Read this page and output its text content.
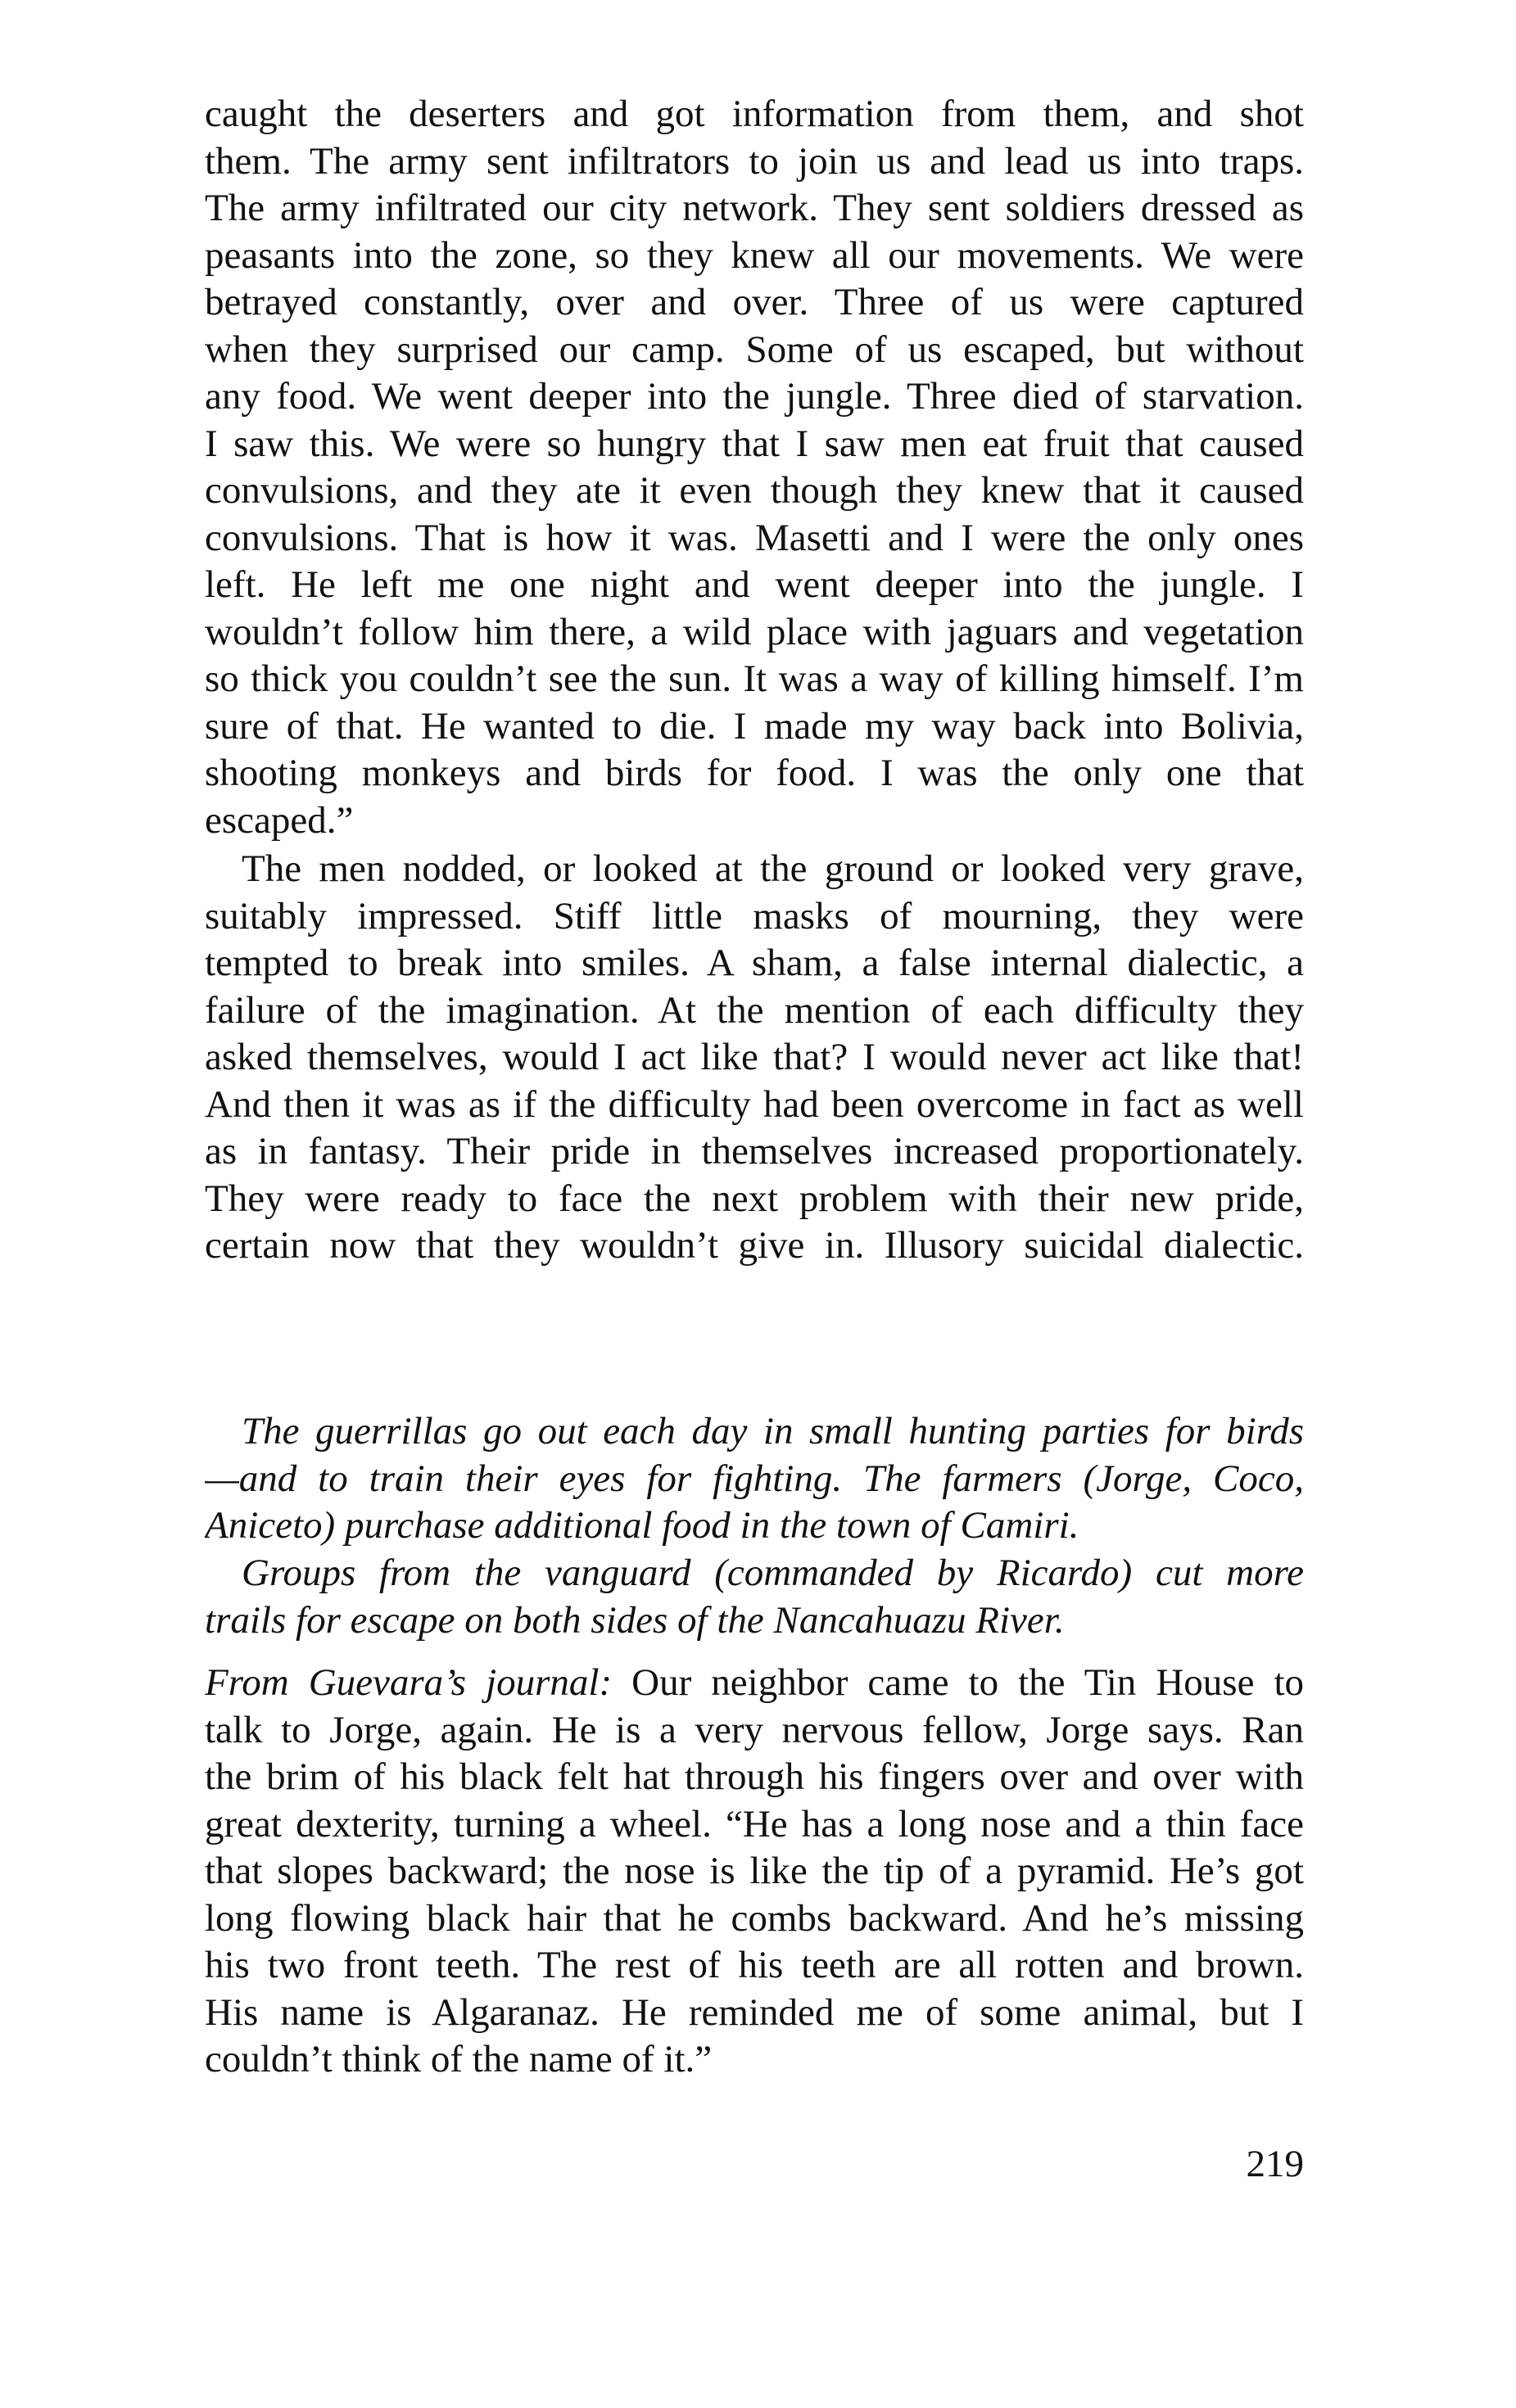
caught the deserters and got information from them, and shot
them. The army sent infiltrators to join us and lead us into traps.
The army infiltrated our city network. They sent soldiers dressed as
peasants into the zone, so they knew all our movements. We were
betrayed constantly, over and over. Three of us were captured
when they surprised our camp. Some of us escaped, but without
any food. We went deeper into the jungle. Three died of starvation.
I saw this. We were so hungry that I saw men eat fruit that caused
convulsions, and they ate it even though they knew that it caused
convulsions. That is how it was. Masetti and I were the only ones
left. He left me one night and went deeper into the jungle. I
wouldn’t follow him there, a wild place with jaguars and vegetation
so thick you couldn’t see the sun. It was a way of killing himself. I’m
sure of that. He wanted to die. I made my way back into Bolivia,
shooting monkeys and birds for food. I was the only one that
escaped.”
The men nodded, or looked at the ground or looked very grave,
suitably impressed. Stiff little masks of mourning, they were
tempted to break into smiles. A sham, a false internal dialectic, a
failure of the imagination. At the mention of each difficulty they
asked themselves, would I act like that? I would never act like that!
And then it was as if the difficulty had been overcome in fact as well
as in fantasy. Their pride in themselves increased proportionately.
They were ready to face the next problem with their new pride,
certain now that they wouldn’t give in. Illusory suicidal dialectic.
The guerrillas go out each day in small hunting parties for birds
—and to train their eyes for fighting. The farmers (Jorge, Coco,
Aniceto) purchase additional food in the town of Camiri.
Groups from the vanguard (commanded by Ricardo) cut more
trails for escape on both sides of the Nancahuazu River.
From Guevara’s journal: Our neighbor came to the Tin House to
talk to Jorge, again. He is a very nervous fellow, Jorge says. Ran
the brim of his black felt hat through his fingers over and over with
great dexterity, turning a wheel. “He has a long nose and a thin face
that slopes backward; the nose is like the tip of a pyramid. He’s got
long flowing black hair that he combs backward. And he’s missing
his two front teeth. The rest of his teeth are all rotten and brown.
His name is Algaranaz. He reminded me of some animal, but I
couldn’t think of the name of it.”
219
